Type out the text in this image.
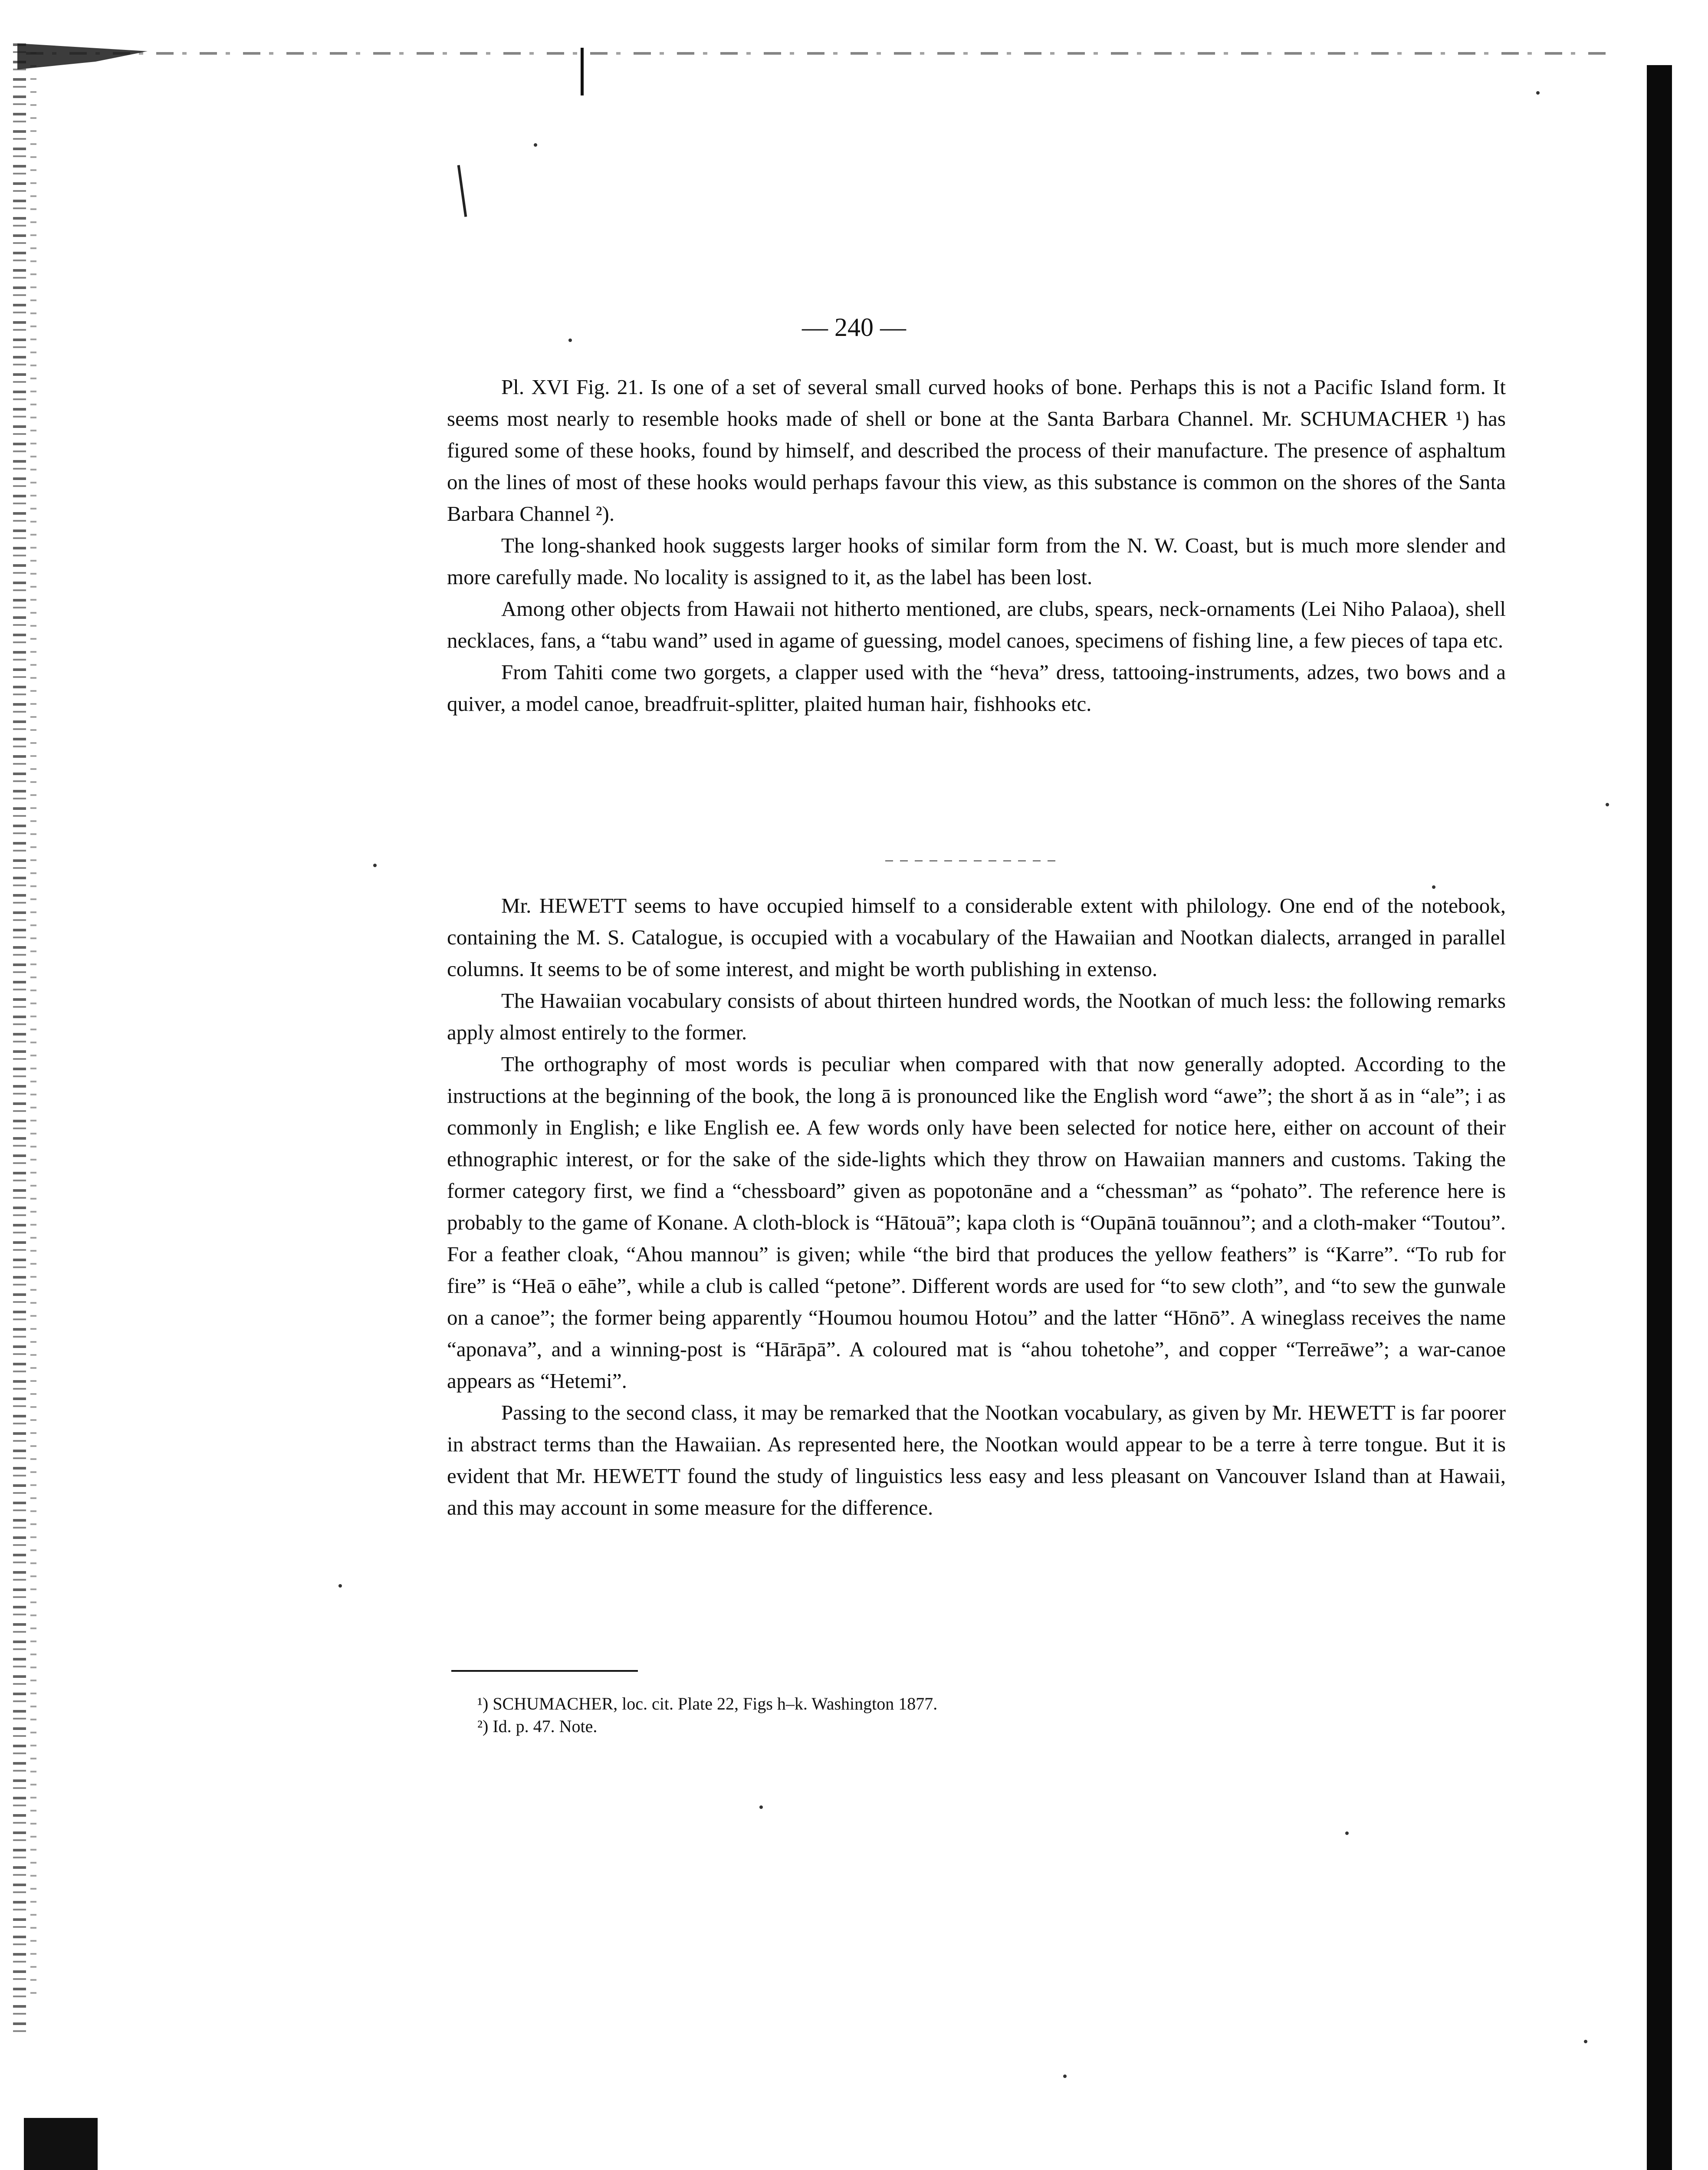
— 240 —

Pl. XVI Fig. 21. Is one of a set of several small curved hooks of bone. Perhaps this is not a Pacific Island form. It seems most nearly to resemble hooks made of shell or bone at the Santa Barbara Channel. Mr. SCHUMACHER ¹) has figured some of these hooks, found by himself, and described the process of their manufacture. The presence of asphaltum on the lines of most of these hooks would perhaps favour this view, as this substance is common on the shores of the Santa Barbara Channel ²).

The long-shanked hook suggests larger hooks of similar form from the N. W. Coast, but is much more slender and more carefully made. No locality is assigned to it, as the label has been lost.

Among other objects from Hawaii not hitherto mentioned, are clubs, spears, neck-ornaments (Lei Niho Palaoa), shell necklaces, fans, a “tabu wand” used in agame of guessing, model canoes, specimens of fishing line, a few pieces of tapa etc.

From Tahiti come two gorgets, a clapper used with the “heva” dress, tattooing-instruments, adzes, two bows and a quiver, a model canoe, breadfruit-splitter, plaited human hair, fishhooks etc.

Mr. HEWETT seems to have occupied himself to a considerable extent with philology. One end of the notebook, containing the M. S. Catalogue, is occupied with a vocabulary of the Hawaiian and Nootkan dialects, arranged in parallel columns. It seems to be of some interest, and might be worth publishing in extenso.

The Hawaiian vocabulary consists of about thirteen hundred words, the Nootkan of much less: the following remarks apply almost entirely to the former.

The orthography of most words is peculiar when compared with that now generally adopted. According to the instructions at the beginning of the book, the long ā is pronounced like the English word “awe”; the short ă as in “ale”; i as commonly in English; e like English ee. A few words only have been selected for notice here, either on account of their ethnographic interest, or for the sake of the side-lights which they throw on Hawaiian manners and customs. Taking the former category first, we find a “chessboard” given as popotonāne and a “chessman” as “pohato”. The reference here is probably to the game of Konane. A cloth-block is “Hātouā”; kapa cloth is “Oupānā touānnou”; and a cloth-maker “Toutou”. For a feather cloak, “Ahou mannou” is given; while “the bird that produces the yellow feathers” is “Karre”. “To rub for fire” is “Heā o eāhe”, while a club is called “petone”. Different words are used for “to sew cloth”, and “to sew the gunwale on a canoe”; the former being apparently “Houmou houmou Hotou” and the latter “Hōnō”. A wineglass receives the name “aponava”, and a winning-post is “Hārāpā”. A coloured mat is “ahou tohetohe”, and copper “Terreāwe”; a war-canoe appears as “Hetemi”.

Passing to the second class, it may be remarked that the Nootkan vocabulary, as given by Mr. HEWETT is far poorer in abstract terms than the Hawaiian. As represented here, the Nootkan would appear to be a terre à terre tongue. But it is evident that Mr. HEWETT found the study of linguistics less easy and less pleasant on Vancouver Island than at Hawaii, and this may account in some measure for the difference.

¹) SCHUMACHER, loc. cit. Plate 22, Figs h–k. Washington 1877.
²) Id. p. 47. Note.
